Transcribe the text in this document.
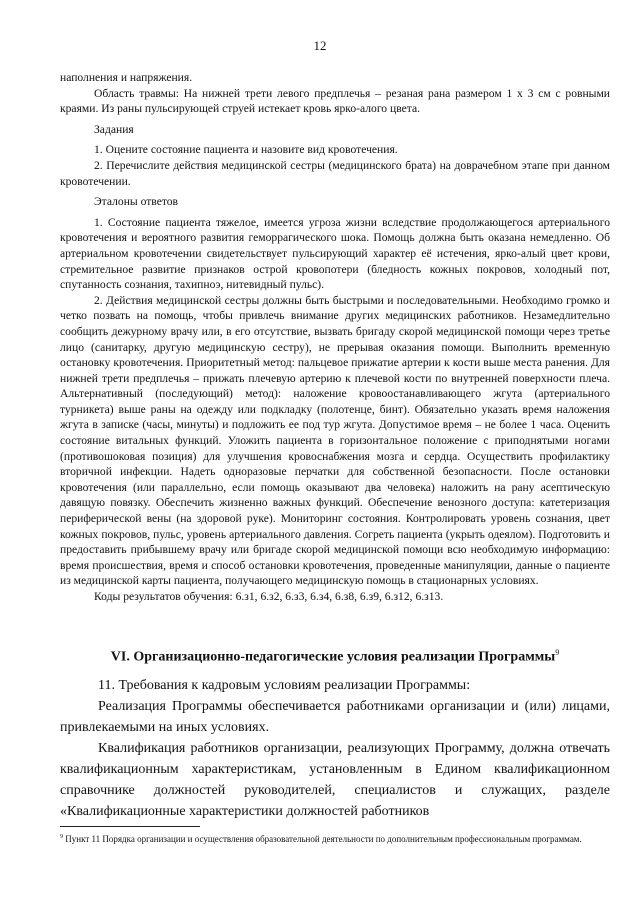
12

наполнения и напряжения.

Область травмы: На нижней трети левого предплечья – резаная рана размером 1 х 3 см с ровными краями. Из раны пульсирующей струей истекает кровь ярко-алого цвета.

Задания

1. Оцените состояние пациента и назовите вид кровотечения.

2. Перечислите действия медицинской сестры (медицинского брата) на доврачебном этапе при данном кровотечении.

Эталоны ответов

1. Состояние пациента тяжелое, имеется угроза жизни вследствие продолжающегося артериального кровотечения и вероятного развития геморрагического шока. Помощь должна быть оказана немедленно. Об артериальном кровотечении свидетельствует пульсирующий характер её истечения, ярко-алый цвет крови, стремительное развитие признаков острой кровопотери (бледность кожных покровов, холодный пот, спутанность сознания, тахипноэ, нитевидный пульс).

2. Действия медицинской сестры должны быть быстрыми и последовательными. Необходимо громко и четко позвать на помощь, чтобы привлечь внимание других медицинских работников. Незамедлительно сообщить дежурному врачу или, в его отсутствие, вызвать бригаду скорой медицинской помощи через третье лицо (санитарку, другую медицинскую сестру), не прерывая оказания помощи. Выполнить временную остановку кровотечения. Приоритетный метод: пальцевое прижатие артерии к кости выше места ранения. Для нижней трети предплечья – прижать плечевую артерию к плечевой кости по внутренней поверхности плеча. Альтернативный (последующий) метод): наложение кровоостанавливающего жгута (артериального турникета) выше раны на одежду или подкладку (полотенце, бинт). Обязательно указать время наложения жгута в записке (часы, минуты) и подложить ее под тур жгута. Допустимое время – не более 1 часа. Оценить состояние витальных функций. Уложить пациента в горизонтальное положение с приподнятыми ногами (противошоковая позиция) для улучшения кровоснабжения мозга и сердца. Осуществить профилактику вторичной инфекции. Надеть одноразовые перчатки для собственной безопасности. После остановки кровотечения (или параллельно, если помощь оказывают два человека) наложить на рану асептическую давящую повязку. Обеспечить жизненно важных функций. Обеспечение венозного доступа: катетеризация периферической вены (на здоровой руке). Мониторинг состояния. Контролировать уровень сознания, цвет кожных покровов, пульс, уровень артериального давления. Согреть пациента (укрыть одеялом). Подготовить и предоставить прибывшему врачу или бригаде скорой медицинской помощи всю необходимую информацию: время происшествия, время и способ остановки кровотечения, проведенные манипуляции, данные о пациенте из медицинской карты пациента, получающего медицинскую помощь в стационарных условиях.

Коды результатов обучения: 6.з1, 6.з2, 6.з3, 6.з4, 6.з8, 6.з9, 6.з12, 6.з13.

VI. Организационно-педагогические условия реализации Программы$^9$

11. Требования к кадровым условиям реализации Программы:

Реализация Программы обеспечивается работниками организации и (или) лицами, привлекаемыми на иных условиях.

Квалификация работников организации, реализующих Программу, должна отвечать квалификационным характеристикам, установленным в Едином квалификационном справочнике должностей руководителей, специалистов и служащих, разделе «Квалификационные характеристики должностей работников

$^9$ Пункт 11 Порядка организации и осуществления образовательной деятельности по дополнительным профессиональным программам.
